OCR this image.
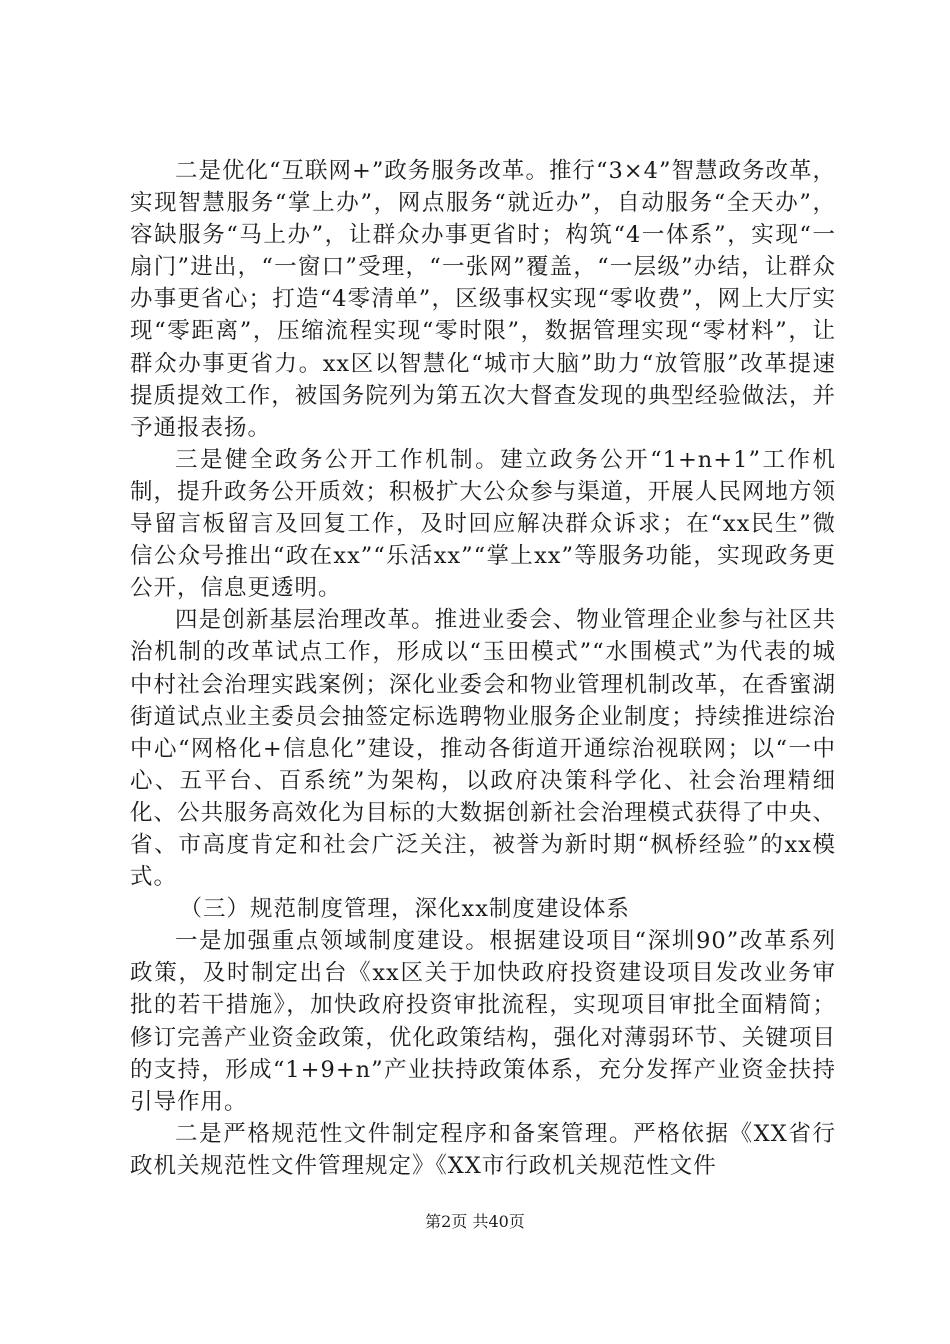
二是优化“互联网+”政务服务改革。推行“3×4”智慧政务改革，实现智慧服务“掌上办”，网点服务“就近办”，自动服务“全天办”，容缺服务“马上办”，让群众办事更省时；构筑“4一体系”，实现“一扇门”进出，“一窗口”受理，“一张网”覆盖，“一层级”办结，让群众办事更省心；打造“4零清单”，区级事权实现“零收费”，网上大厅实现“零距离”，压缩流程实现“零时限”，数据管理实现“零材料”，让群众办事更省力。xx区以智慧化“城市大脑”助力“放管服”改革提速提质提效工作，被国务院列为第五次大督查发现的典型经验做法，并予通报表扬。

三是健全政务公开工作机制。建立政务公开“1+n+1”工作机制，提升政务公开质效；积极扩大公众参与渠道，开展人民网地方领导留言板留言及回复工作，及时回应解决群众诉求；在“xx民生”微信公众号推出“政在xx”“乐活xx”“掌上xx”等服务功能，实现政务更公开，信息更透明。

四是创新基层治理改革。推进业委会、物业管理企业参与社区共治机制的改革试点工作，形成以“玉田模式”“水围模式”为代表的城中村社会治理实践案例；深化业委会和物业管理机制改革，在香蜜湖街道试点业主委员会抽签定标选聘物业服务企业制度；持续推进综治中心“网格化+信息化”建设，推动各街道开通综治视联网；以“一中心、五平台、百系统”为架构，以政府决策科学化、社会治理精细化、公共服务高效化为目标的大数据创新社会治理模式获得了中央、省、市高度肯定和社会广泛关注，被誉为新时期“枫桥经验”的xx模式。

（三）规范制度管理，深化xx制度建设体系

一是加强重点领域制度建设。根据建设项目“深圳90”改革系列政策，及时制定出台《xx区关于加快政府投资建设项目发改业务审批的若干措施》，加快政府投资审批流程，实现项目审批全面精简；修订完善产业资金政策，优化政策结构，强化对薄弱环节、关键项目的支持，形成“1+9+n”产业扶持政策体系，充分发挥产业资金扶持引导作用。

二是严格规范性文件制定程序和备案管理。严格依据《XX省行政机关规范性文件管理规定》《XX市行政机关规范性文件

第2页 共40页
